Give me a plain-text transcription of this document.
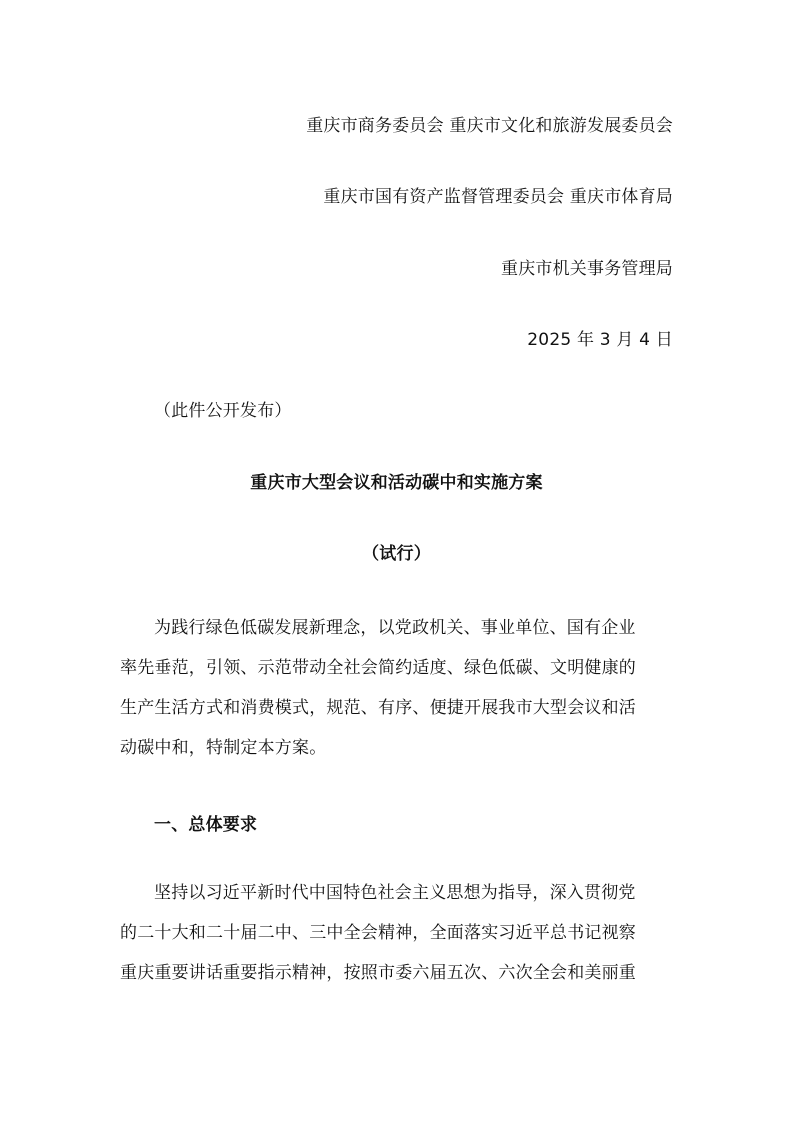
重庆市商务委员会 重庆市文化和旅游发展委员会

重庆市国有资产监督管理委员会 重庆市体育局

重庆市机关事务管理局

2025 年 3 月 4 日

（此件公开发布）

重庆市大型会议和活动碳中和实施方案

（试行）

为践行绿色低碳发展新理念，以党政机关、事业单位、国有企业
率先垂范，引领、示范带动全社会简约适度、绿色低碳、文明健康的
生产生活方式和消费模式，规范、有序、便捷开展我市大型会议和活
动碳中和，特制定本方案。

一、总体要求

坚持以习近平新时代中国特色社会主义思想为指导，深入贯彻党
的二十大和二十届二中、三中全会精神，全面落实习近平总书记视察
重庆重要讲话重要指示精神，按照市委六届五次、六次全会和美丽重
